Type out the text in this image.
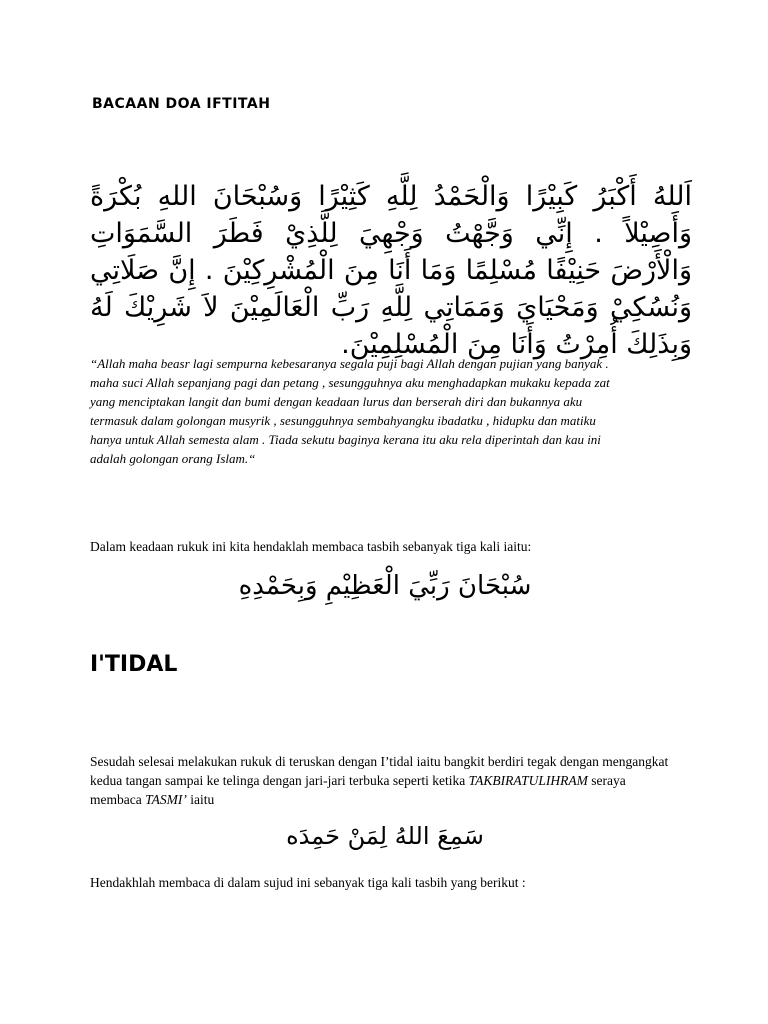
BACAAN DOA IFTITAH

اَللهُ أَكْبَرُ كَبِيْرًا وَالْحَمْدُ لِلَّهِ كَثِيْرًا وَسُبْحَانَ اللهِ بُكْرَةً وَأَصِيْلاً . إِنِّي وَجَّهْتُ وَجْهِيَ لِلَّذِيْ فَطَرَ السَّمَوَاتِ وَالْأَرْضَ حَنِيْفًا مُسْلِمًا وَمَا أَنَا مِنَ الْمُشْرِكِيْنَ . إِنَّ صَلَاتِي وَنُسُكِيْ وَمَحْيَايَ وَمَمَاتِي لِلَّهِ رَبِّ الْعَالَمِيْنَ لاَ شَرِيْكَ لَهُ وَبِذَلِكَ أُمِرْتُ وَأَنَا مِنَ الْمُسْلِمِيْنَ.

“Allah maha beasr lagi sempurna kebesaranya segala puji bagi Allah dengan pujian yang banyak . maha suci Allah sepanjang pagi dan petang , sesungguhnya aku menghadapkan mukaku kepada zat yang menciptakan langit dan bumi dengan keadaan lurus dan berserah diri dan bukannya aku termasuk dalam golongan musyrik , sesungguhnya sembahyangku ibadatku , hidupku dan matiku hanya untuk Allah semesta alam . Tiada sekutu baginya kerana itu aku rela diperintah dan kau ini adalah golongan orang Islam.“

Dalam keadaan rukuk ini kita hendaklah membaca tasbih sebanyak tiga kali iaitu:

سُبْحَانَ رَبِّيَ الْعَظِيْمِ وَبِحَمْدِهِ

I'TIDAL

Sesudah selesai melakukan rukuk di teruskan dengan I’tidal iaitu bangkit berdiri tegak dengan mengangkat kedua tangan sampai ke telinga dengan jari-jari terbuka seperti ketika TAKBIRATULIHRAM seraya membaca TASMI’ iaitu

سَمِعَ اللهُ لِمَنْ حَمِدَه

Hendakhlah membaca di dalam sujud ini sebanyak tiga kali tasbih yang berikut :
